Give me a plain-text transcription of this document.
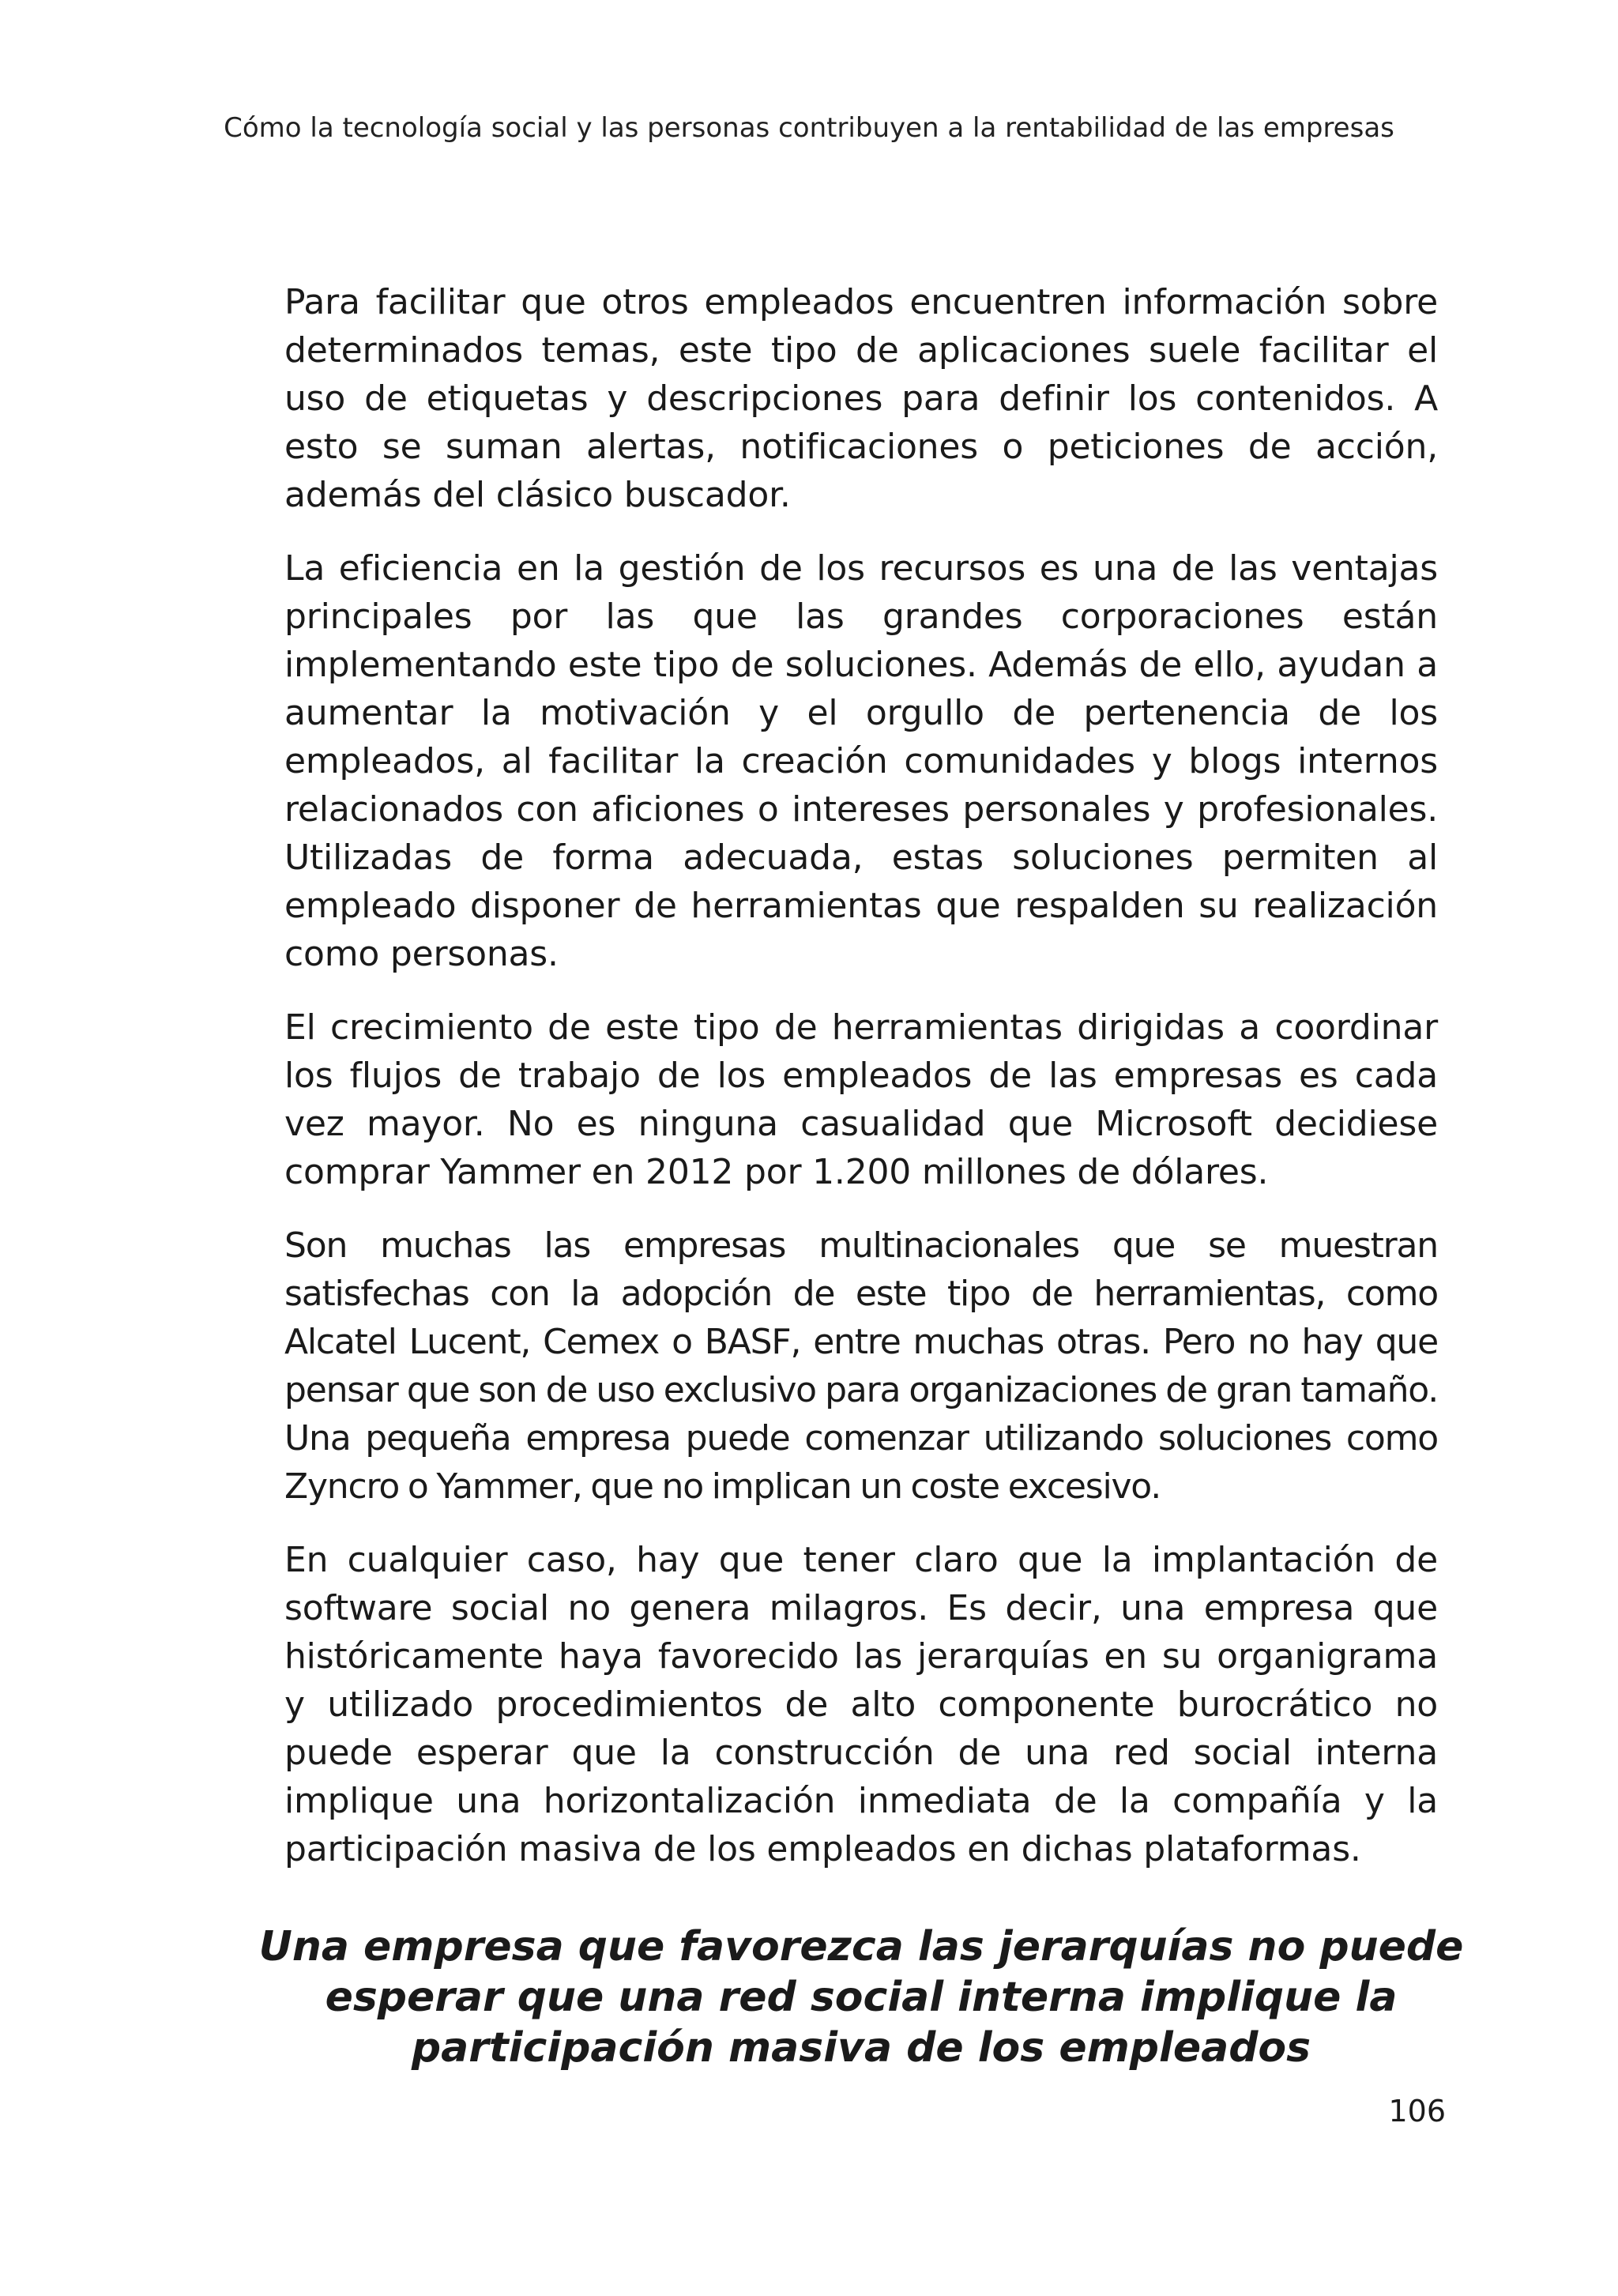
Cómo la tecnología social y las personas contribuyen a la rentabilidad de las empresas

Para facilitar que otros empleados encuentren información sobre determinados temas, este tipo de aplicaciones suele facilitar el uso de etiquetas y descripciones para definir los contenidos. A esto se suman alertas, notificaciones o peticiones de acción, además del clásico buscador.

La eficiencia en la gestión de los recursos es una de las ventajas principales por las que las grandes corporaciones están implementando este tipo de soluciones. Además de ello, ayudan a aumentar la motivación y el orgullo de pertenencia de los empleados, al facilitar la creación comunidades y blogs internos relacionados con aficiones o intereses personales y profesionales. Utilizadas de forma adecuada, estas soluciones permiten al empleado disponer de herramientas que respalden su realización como personas.

El crecimiento de este tipo de herramientas dirigidas a coordinar los flujos de trabajo de los empleados de las empresas es cada vez mayor. No es ninguna casualidad que Microsoft decidiese comprar Yammer en 2012 por 1.200 millones de dólares.

Son muchas las empresas multinacionales que se muestran satisfechas con la adopción de este tipo de herramientas, como Alcatel Lucent, Cemex o BASF, entre muchas otras. Pero no hay que pensar que son de uso exclusivo para organizaciones de gran tamaño. Una pequeña empresa puede comenzar utilizando soluciones como Zyncro o Yammer, que no implican un coste excesivo.

En cualquier caso, hay que tener claro que la implantación de software social no genera milagros. Es decir, una empresa que históricamente haya favorecido las jerarquías en su organigrama y utilizado procedimientos de alto componente burocrático no puede esperar que la construcción de una red social interna implique una horizontalización inmediata de la compañía y la participación masiva de los empleados en dichas plataformas.

Una empresa que favorezca las jerarquías no puede
esperar que una red social interna implique la
participación masiva de los empleados

106
